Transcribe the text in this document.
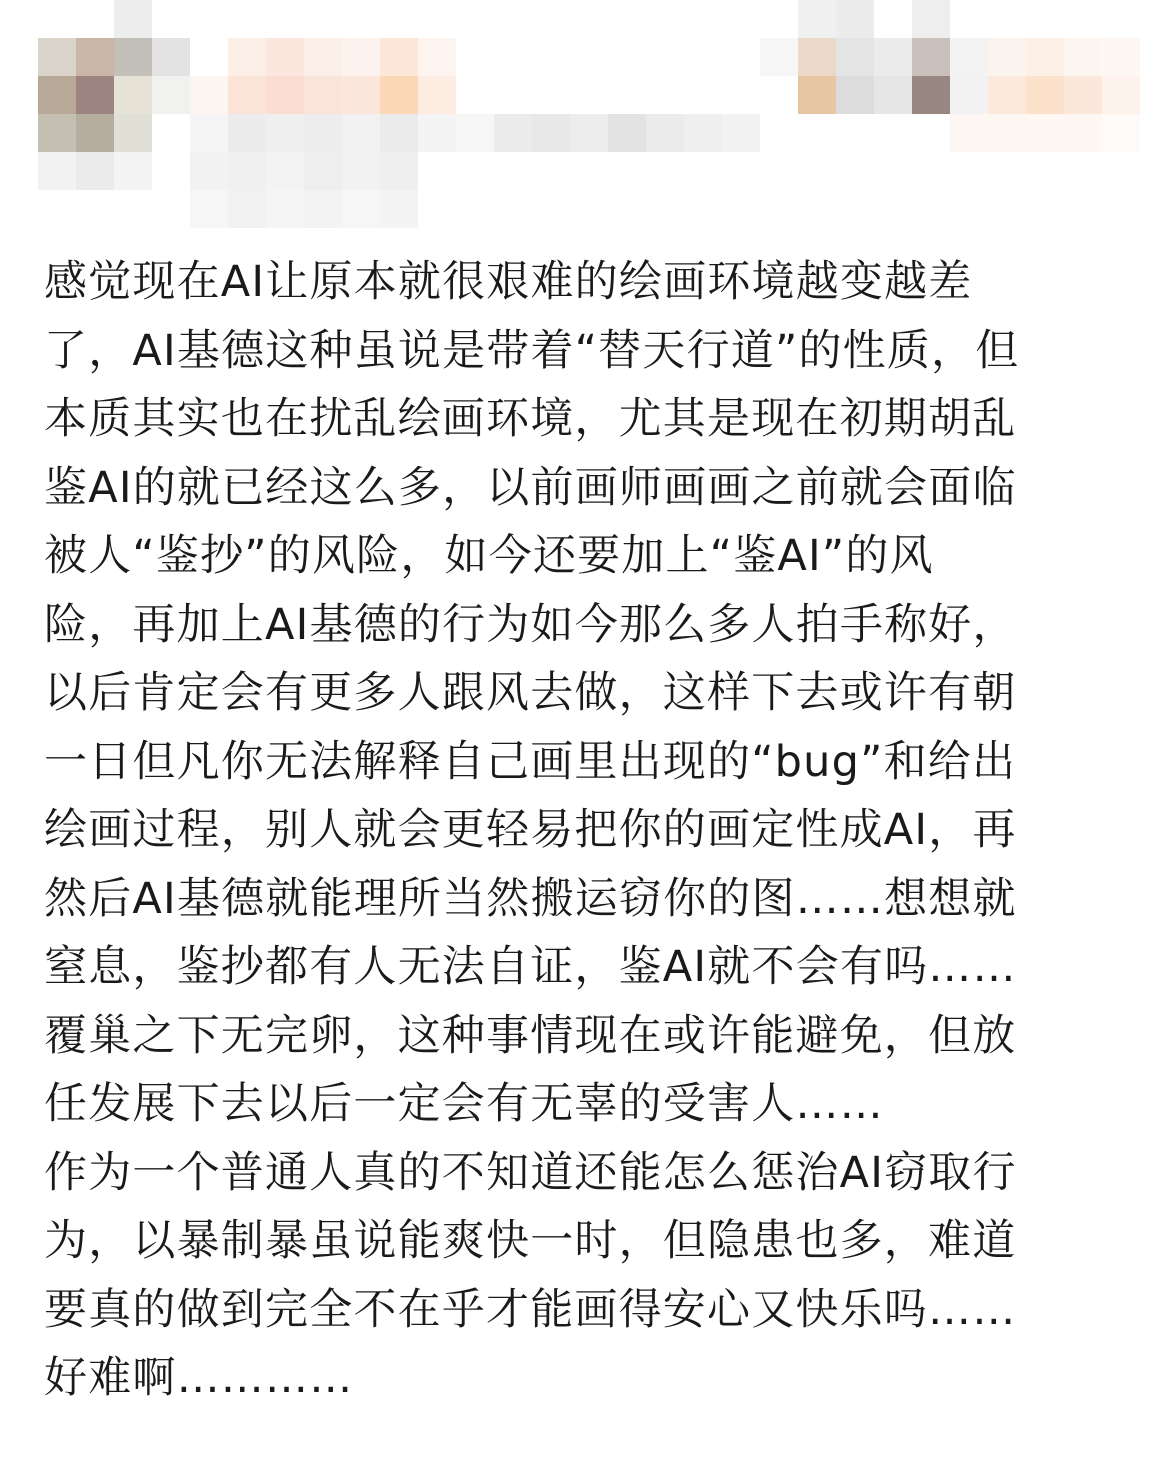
感觉现在AI让原本就很艰难的绘画环境越变越差
了，AI基德这种虽说是带着“替天行道”的性质，但
本质其实也在扰乱绘画环境，尤其是现在初期胡乱
鉴AI的就已经这么多，以前画师画画之前就会面临
被人“鉴抄”的风险，如今还要加上“鉴AI”的风
险，再加上AI基德的行为如今那么多人拍手称好，
以后肯定会有更多人跟风去做，这样下去或许有朝
一日但凡你无法解释自己画里出现的“bug”和给出
绘画过程，别人就会更轻易把你的画定性成AI，再
然后AI基德就能理所当然搬运窃你的图……想想就
窒息，鉴抄都有人无法自证，鉴AI就不会有吗……
覆巢之下无完卵，这种事情现在或许能避免，但放
任发展下去以后一定会有无辜的受害人……
作为一个普通人真的不知道还能怎么惩治AI窃取行
为，以暴制暴虽说能爽快一时，但隐患也多，难道
要真的做到完全不在乎才能画得安心又快乐吗……
好难啊…………
